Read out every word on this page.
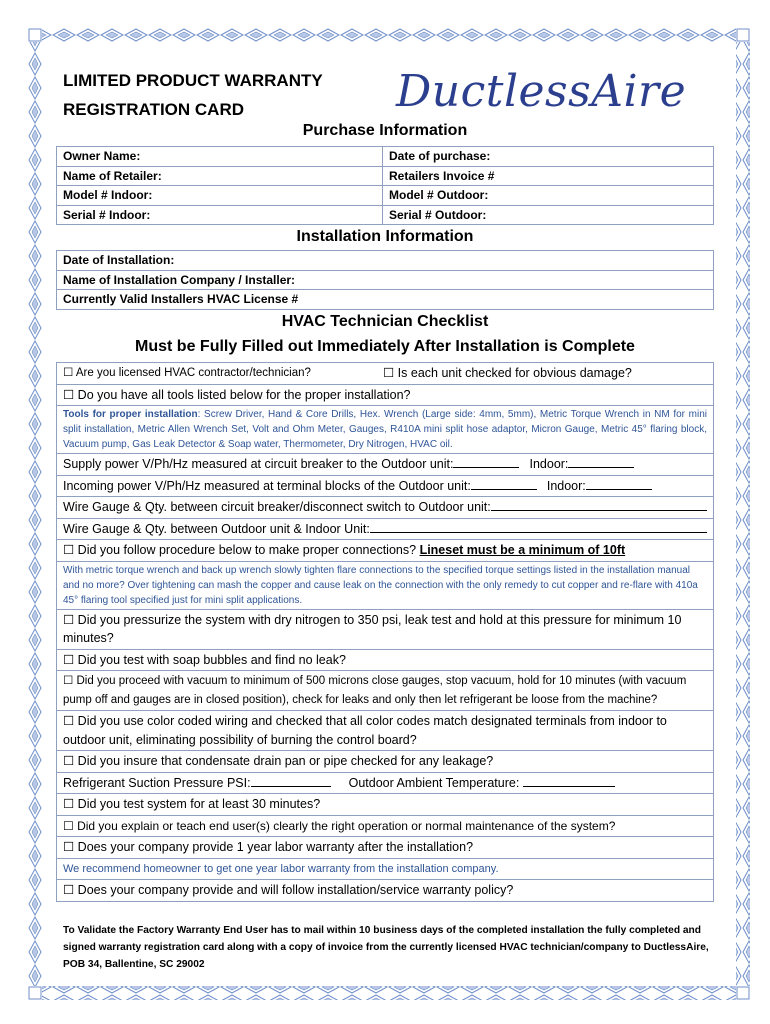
LIMITED PRODUCT WARRANTY
REGISTRATION CARD	DuctlessAire
Purchase Information
Owner Name:	Date of purchase:
Name of Retailer:	Retailers Invoice #
Model # Indoor:	Model # Outdoor:
Serial # Indoor:	Serial # Outdoor:
Installation Information
Date of Installation:
Name of Installation Company / Installer:
Currently Valid Installers HVAC License #
HVAC Technician Checklist
Must be Fully Filled out Immediately After Installation is Complete
☐ Are you licensed HVAC contractor/technician?	☐ Is each unit checked for obvious damage?
☐ Do you have all tools listed below for the proper installation?
Tools for proper installation: Screw Driver, Hand & Core Drills, Hex. Wrench (Large side: 4mm, 5mm), Metric Torque Wrench in NM for mini split installation, Metric Allen Wrench Set, Volt and Ohm Meter, Gauges, R410A mini split hose adaptor, Micron Gauge, Metric 45° flaring block, Vacuum pump, Gas Leak Detector & Soap water, Thermometer, Dry Nitrogen, HVAC oil.
Supply power V/Ph/Hz measured at circuit breaker to the Outdoor unit:	Indoor:
Incoming power V/Ph/Hz measured at terminal blocks of the Outdoor unit:	Indoor:
Wire Gauge & Qty. between circuit breaker/disconnect switch to Outdoor unit:
Wire Gauge & Qty. between Outdoor unit & Indoor Unit:
☐ Did you follow procedure below to make proper connections? Lineset must be a minimum of 10ft
With metric torque wrench and back up wrench slowly tighten flare connections to the specified torque settings listed in the installation manual and no more? Over tightening can mash the copper and cause leak on the connection with the only remedy to cut copper and re-flare with 410a 45° flaring tool specified just for mini split applications.
☐ Did you pressurize the system with dry nitrogen to 350 psi, leak test and hold at this pressure for minimum 10 minutes?
☐ Did you test with soap bubbles and find no leak?
☐ Did you proceed with vacuum to minimum of 500 microns close gauges, stop vacuum, hold for 10 minutes (with vacuum pump off and gauges are in closed position), check for leaks and only then let refrigerant be loose from the machine?
☐ Did you use color coded wiring and checked that all color codes match designated terminals from indoor to outdoor unit, eliminating possibility of burning the control board?
☐ Did you insure that condensate drain pan or pipe checked for any leakage?
Refrigerant Suction Pressure PSI:	Outdoor Ambient Temperature:
☐ Did you test system for at least 30 minutes?
☐ Did you explain or teach end user(s) clearly the right operation or normal maintenance of the system?
☐ Does your company provide 1 year labor warranty after the installation?
We recommend homeowner to get one year labor warranty from the installation company.
☐ Does your company provide and will follow installation/service warranty policy?
To Validate the Factory Warranty End User has to mail within 10 business days of the completed installation the fully completed and signed warranty registration card along with a copy of invoice from the currently licensed HVAC technician/company to DuctlessAire, POB 34, Ballentine, SC 29002
